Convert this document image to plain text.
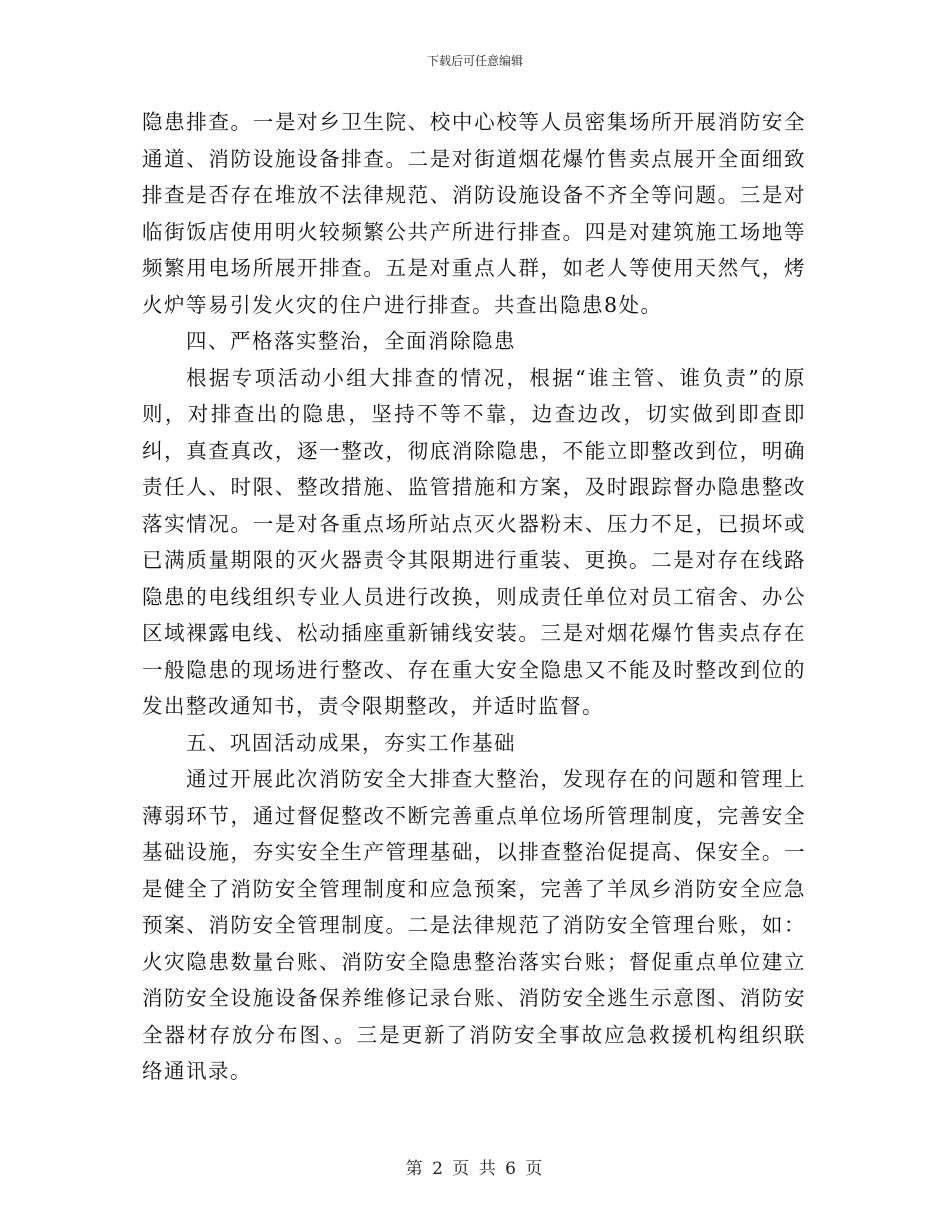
下载后可任意编辑

隐患排查。一是对乡卫生院、校中心校等人员密集场所开展消防安全通道、消防设施设备排查。二是对街道烟花爆竹售卖点展开全面细致排查是否存在堆放不法律规范、消防设施设备不齐全等问题。三是对临街饭店使用明火较频繁公共产所进行排查。四是对建筑施工场地等频繁用电场所展开排查。五是对重点人群，如老人等使用天然气，烤火炉等易引发火灾的住户进行排查。共查出隐患8处。

四、严格落实整治，全面消除隐患

根据专项活动小组大排查的情况，根据“谁主管、谁负责”的原则，对排查出的隐患，坚持不等不靠，边查边改，切实做到即查即纠，真查真改，逐一整改，彻底消除隐患，不能立即整改到位，明确责任人、时限、整改措施、监管措施和方案，及时跟踪督办隐患整改落实情况。一是对各重点场所站点灭火器粉末、压力不足，已损坏或已满质量期限的灭火器责令其限期进行重装、更换。二是对存在线路隐患的电线组织专业人员进行改换，则成责任单位对员工宿舍、办公区域裸露电线、松动插座重新铺线安装。三是对烟花爆竹售卖点存在一般隐患的现场进行整改、存在重大安全隐患又不能及时整改到位的发出整改通知书，责令限期整改，并适时监督。

五、巩固活动成果，夯实工作基础

通过开展此次消防安全大排查大整治，发现存在的问题和管理上薄弱环节，通过督促整改不断完善重点单位场所管理制度，完善安全基础设施，夯实安全生产管理基础，以排查整治促提高、保安全。一是健全了消防安全管理制度和应急预案，完善了羊凤乡消防安全应急预案、消防安全管理制度。二是法律规范了消防安全管理台账，如：火灾隐患数量台账、消防安全隐患整治落实台账；督促重点单位建立消防安全设施设备保养维修记录台账、消防安全逃生示意图、消防安全器材存放分布图、。三是更新了消防安全事故应急救援机构组织联络通讯录。

第 2 页 共 6 页
